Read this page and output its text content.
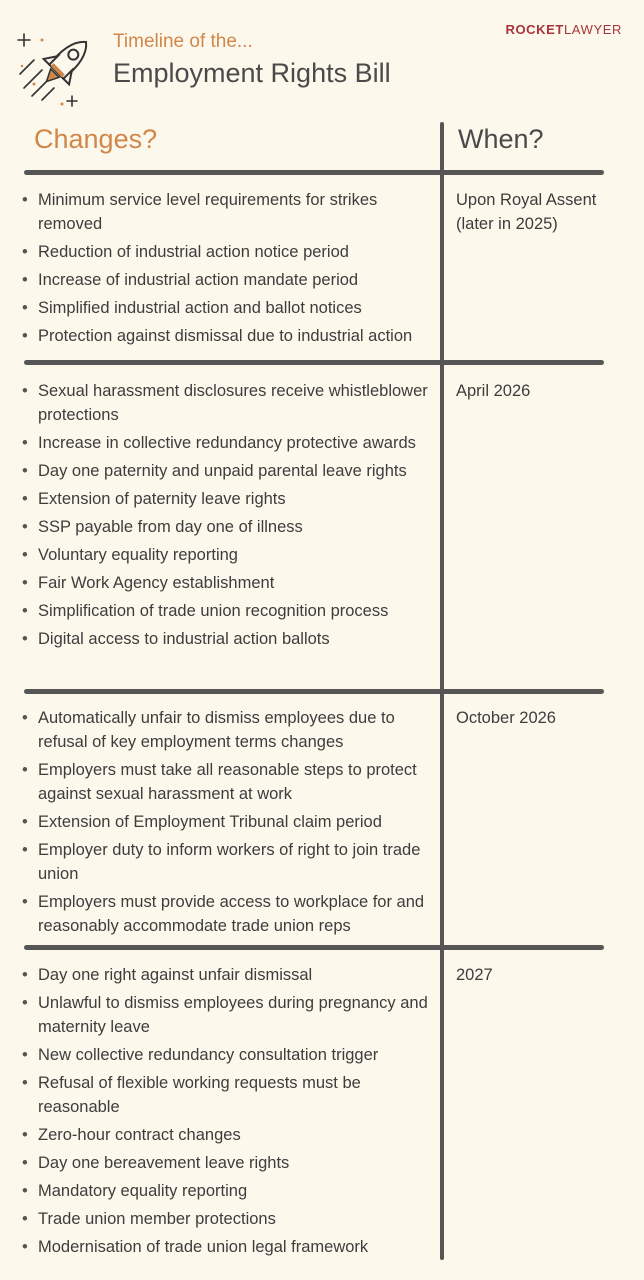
ROCKETLAWYER
Timeline of the...
Employment Rights Bill
Changes?	When?
• Minimum service level requirements for strikes removed
• Reduction of industrial action notice period
• Increase of industrial action mandate period
• Simplified industrial action and ballot notices
• Protection against dismissal due to industrial action
Upon Royal Assent (later in 2025)
• Sexual harassment disclosures receive whistleblower protections
• Increase in collective redundancy protective awards
• Day one paternity and unpaid parental leave rights
• Extension of paternity leave rights
• SSP payable from day one of illness
• Voluntary equality reporting
• Fair Work Agency establishment
• Simplification of trade union recognition process
• Digital access to industrial action ballots
April 2026
• Automatically unfair to dismiss employees due to refusal of key employment terms changes
• Employers must take all reasonable steps to protect against sexual harassment at work
• Extension of Employment Tribunal claim period
• Employer duty to inform workers of right to join trade union
• Employers must provide access to workplace for and reasonably accommodate trade union reps
October 2026
• Day one right against unfair dismissal
• Unlawful to dismiss employees during pregnancy and maternity leave
• New collective redundancy consultation trigger
• Refusal of flexible working requests must be reasonable
• Zero-hour contract changes
• Day one bereavement leave rights
• Mandatory equality reporting
• Trade union member protections
• Modernisation of trade union legal framework
2027
